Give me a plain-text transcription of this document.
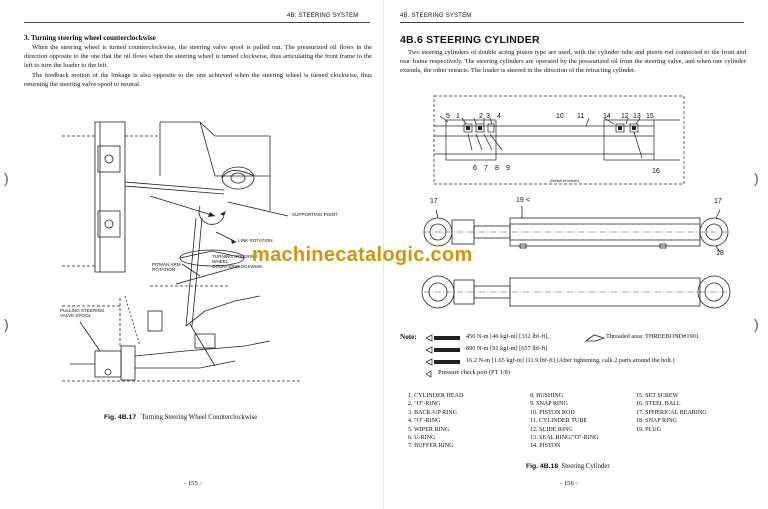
4B. STEERING SYSTEM
3. Turning steering wheel counterclockwise
When the steering wheel is turned counterclockwise, the steering valve spool is pulled out. The pressurized oil flows in the direction opposite to the one that the oil flows when the steering wheel is turned clockwise, thus articulating the front frame to the left to turn the loader to the left.
The feedback motion of the linkage is also opposite to the one achieved when the steering wheel is turned clockwise, thus returning the steering valve spool to neutral.
SUPPORTING POINT
LINK ROTATION
TURNING STEERING WHEEL COUNTERCLOCKWISE
PITMAN ARM ROTATION
PULLING STEERING VALVE SPOOL
Fig. 4B.17 Turning Steering Wheel Counterclockwise
- 155 -
)
)
4B. STEERING SYSTEM
4B.6 STEERING CYLINDER
Two steering cylinders of double acting piston type are used, with the cylinder tube and piston rod connected to the front and rear frame respectively. The steering cylinders are operated by the pressurized oil from the steering valve, and when one cylinder extends, the other retracts. The loader is steered in the direction of the retracting cylinder.
5 1	2 3 4	10 11	14 12 13 15
6 7 8 9	16
(Detail of inside)
17	19 <	17
18
Note:	450 N-m [46 kgf-m] [332 lbf-ft],	Threaded area: THREEBOND#1901
890 N-m [91 kgf-m] [657 lbf-ft]
16.2 N-m [1.65 kgf-m] [11.9 lbf-ft] (After tightening, calk 2 parts around the bolt.)
Pressure check port (PT 1/8)
1. CYLINDER HEAD
2. "O"-RING
3. BACK-UP RING
4. "O"-RING
5. WIPER RING
6. U-RING
7. BUFFER RING
8. BUSHING
9. SNAP RING
10. PISTON ROD
11. CYLINDER TUBE
12. SLIDE RING
13. SEAL RING/"O"-RING
14. PISTON
15. SET SCREW
16. STEEL BALL
17. SPHERICAL BEARING
18. SNAP RING
19. PLUG
Fig. 4B.18 Steering Cylinder
- 156 -
)
)
machinecatalogic.com
